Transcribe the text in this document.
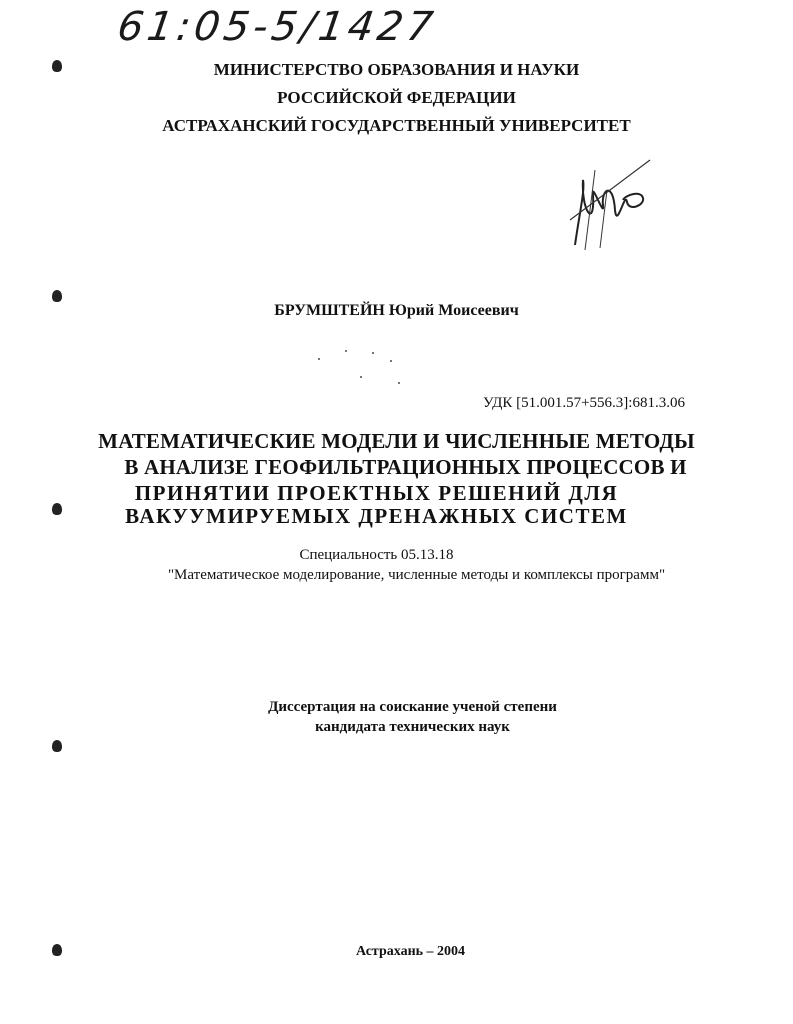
61:05-5/1427
МИНИСТЕРСТВО ОБРАЗОВАНИЯ И НАУКИ
РОССИЙСКОЙ ФЕДЕРАЦИИ
АСТРАХАНСКИЙ ГОСУДАРСТВЕННЫЙ УНИВЕРСИТЕТ
БРУМШТЕЙН Юрий Моисеевич
УДК [51.001.57+556.3]:681.3.06
МАТЕМАТИЧЕСКИЕ МОДЕЛИ И ЧИСЛЕННЫЕ МЕТОДЫ
В АНАЛИЗЕ ГЕОФИЛЬТРАЦИОННЫХ ПРОЦЕССОВ И
ПРИНЯТИИ ПРОЕКТНЫХ РЕШЕНИЙ ДЛЯ
ВАКУУМИРУЕМЫХ ДРЕНАЖНЫХ СИСТЕМ
Специальность 05.13.18
"Математическое моделирование, численные методы и комплексы программ"
Диссертация на соискание ученой степени
кандидата технических наук
Астрахань – 2004
